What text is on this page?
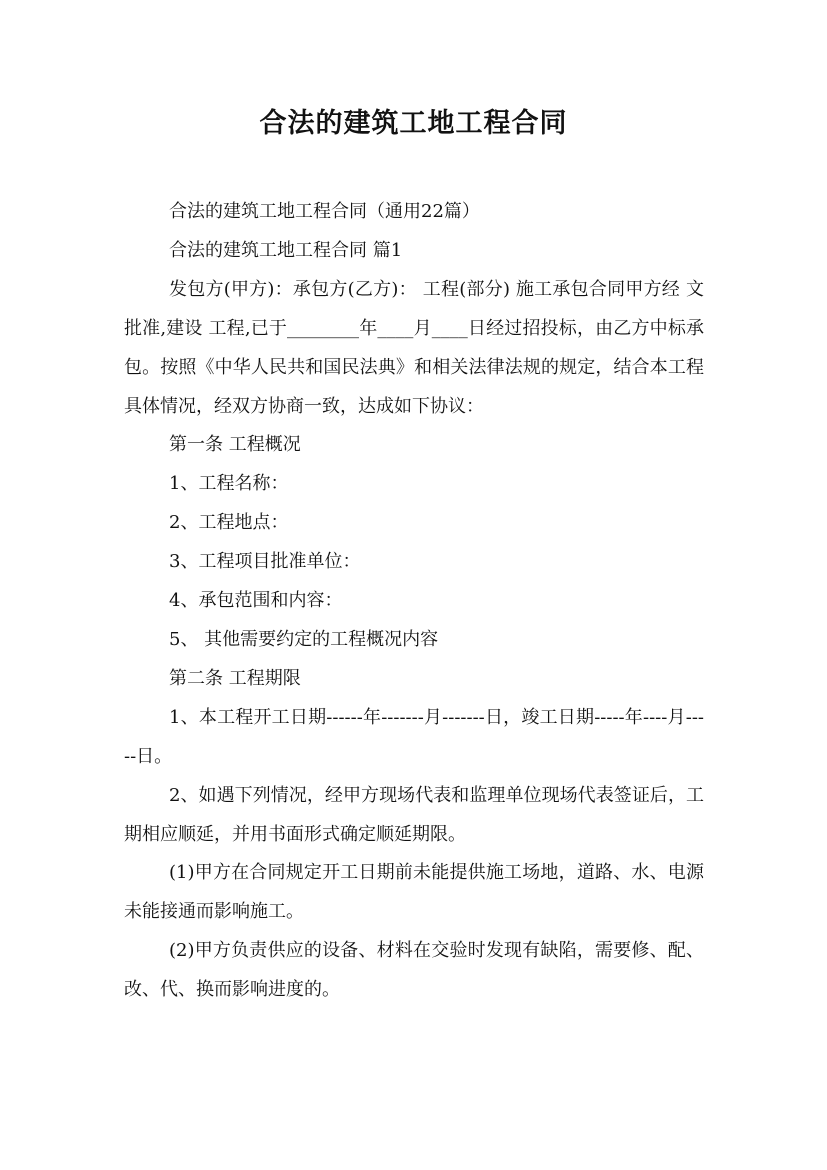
合法的建筑工地工程合同

合法的建筑工地工程合同（通用22篇）

合法的建筑工地工程合同 篇1

发包方(甲方)：承包方(乙方)： 工程(部分) 施工承包合同甲方经 文批准,建设 工程,已于________年____月____日经过招投标，由乙方中标承包。按照《中华人民共和国民法典》和相关法律法规的规定，结合本工程具体情况，经双方协商一致，达成如下协议：

第一条 工程概况

1、工程名称：

2、工程地点：

3、工程项目批准单位：

4、承包范围和内容：

5、 其他需要约定的工程概况内容

第二条 工程期限

1、本工程开工日期------年-------月-------日，竣工日期-----年----月-----日。

2、如遇下列情况，经甲方现场代表和监理单位现场代表签证后，工期相应顺延，并用书面形式确定顺延期限。

(1)甲方在合同规定开工日期前未能提供施工场地，道路、水、电源未能接通而影响施工。

(2)甲方负责供应的设备、材料在交验时发现有缺陷，需要修、配、改、代、换而影响进度的。
